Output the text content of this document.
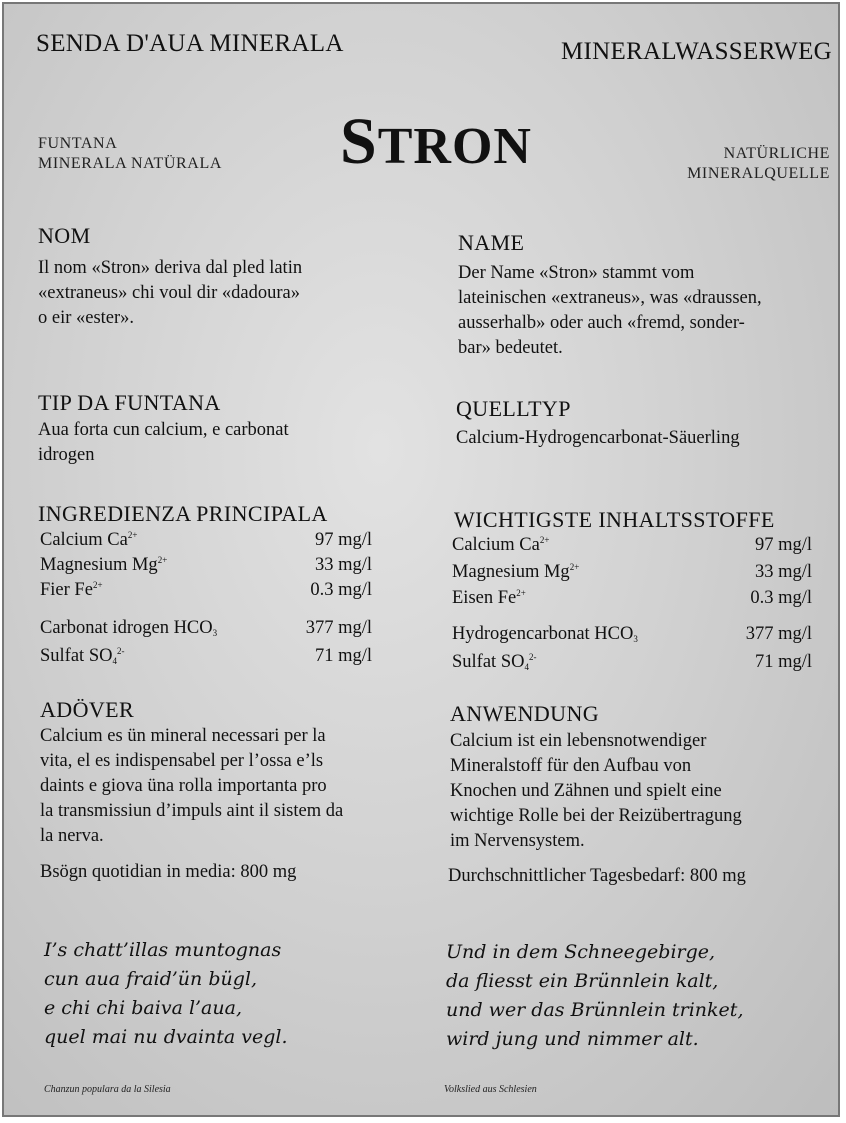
SENDA D'AUA MINERALA	MINERALWASSERWEG
FUNTANA
MINERALA NATÜRALA STRON	NATÜRLICHE
MINERALQUELLE
NOM
Il nom «Stron» deriva dal pled latin
«extraneus» chi voul dir «dadoura»
o eir «ester».
TIP DA FUNTANA
Aua forta cun calcium, e carbonat
idrogen
INGREDIENZA PRINCIPALA
Calcium $Ca^{2+}$	97 mg/l
Magnesium $Mg^{2+}$	33 mg/l
Fier $Fe^{2+}$	0.3 mg/l
Carbonat idrogen $HCO_3$	377 mg/l
Sulfat $SO_4^{2-}$	71 mg/l
ADÖVER
Calcium es ün mineral necessari per la
vita, el es indispensabel per l’ossa e’ls
daints e giova üna rolla importanta pro
la transmissiun d’impuls aint il sistem da
la nerva.
Bsögn quotidian in media: 800 mg
I’s chatt’illas muntognas
cun aua fraid’ün bügl,
e chi chi baiva l’aua,
quel mai nu dvainta vegl.
Chanzun populara da la Silesia
NAME
Der Name «Stron» stammt vom
lateinischen «extraneus», was «draussen,
ausserhalb» oder auch «fremd, sonder-
bar» bedeutet.
QUELLTYP
Calcium-Hydrogencarbonat-Säuerling
WICHTIGSTE INHALTSSTOFFE
Calcium $Ca^{2+}$	97 mg/l
Magnesium $Mg^{2+}$	33 mg/l
Eisen $Fe^{2+}$	0.3 mg/l
Hydrogencarbonat $HCO_3$	377 mg/l
Sulfat $SO_4^{2-}$	71 mg/l
ANWENDUNG
Calcium ist ein lebensnotwendiger
Mineralstoff für den Aufbau von
Knochen und Zähnen und spielt eine
wichtige Rolle bei der Reizübertragung
im Nervensystem.
Durchschnittlicher Tagesbedarf: 800 mg
Und in dem Schneegebirge,
da fliesst ein Brünnlein kalt,
und wer das Brünnlein trinket,
wird jung und nimmer alt.
Volkslied aus Schlesien
